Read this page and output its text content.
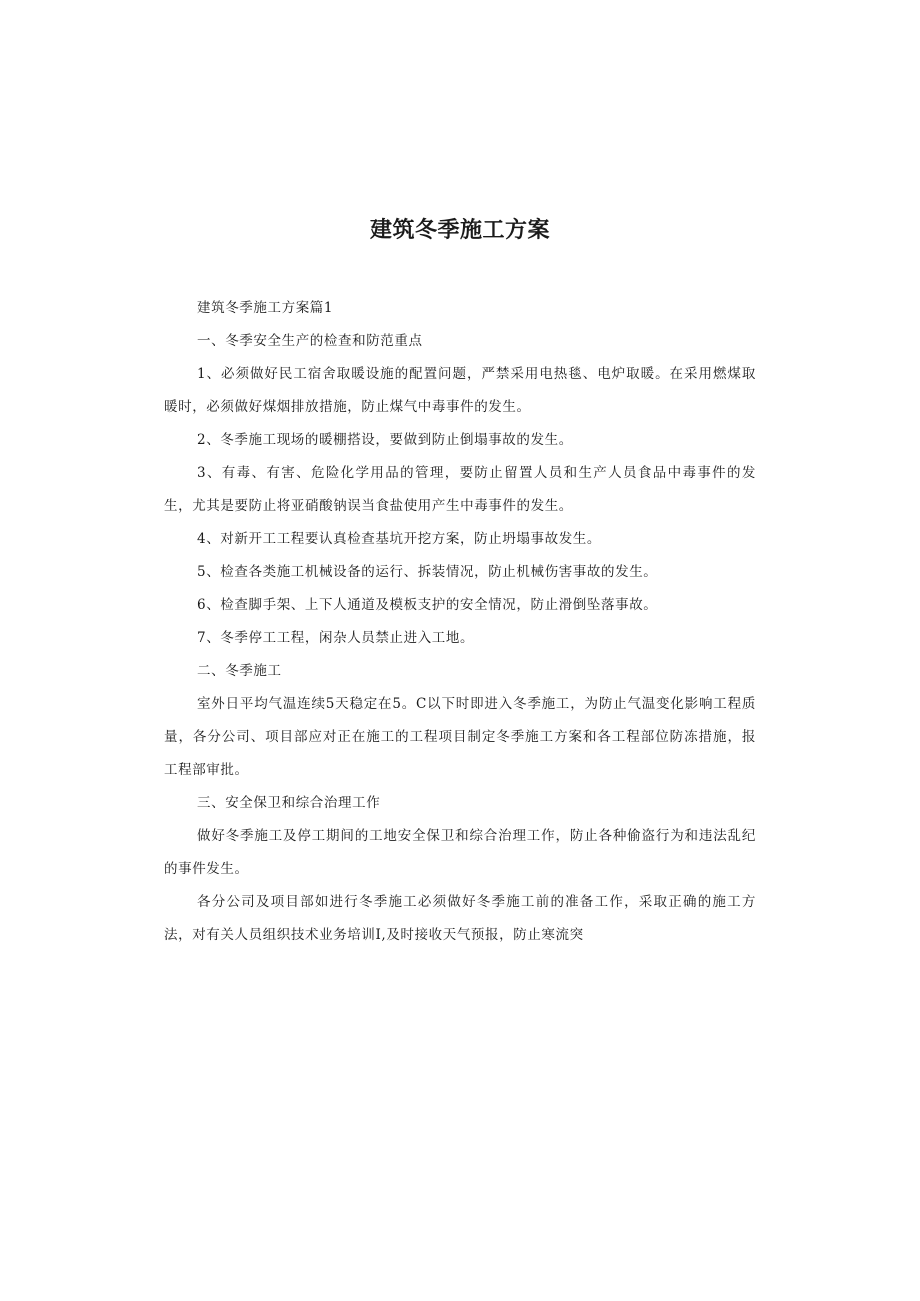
建筑冬季施工方案

建筑冬季施工方案篇1

一、冬季安全生产的检查和防范重点

1、必须做好民工宿舍取暖设施的配置问题，严禁采用电热毯、电炉取暖。在采用燃煤取暖时，必须做好煤烟排放措施，防止煤气中毒事件的发生。

2、冬季施工现场的暖棚搭设，要做到防止倒塌事故的发生。

3、有毒、有害、危险化学用品的管理，要防止留置人员和生产人员食品中毒事件的发生，尤其是要防止将亚硝酸钠误当食盐使用产生中毒事件的发生。

4、对新开工工程要认真检查基坑开挖方案，防止坍塌事故发生。

5、检查各类施工机械设备的运行、拆装情况，防止机械伤害事故的发生。

6、检查脚手架、上下人通道及模板支护的安全情况，防止滑倒坠落事故。

7、冬季停工工程，闲杂人员禁止进入工地。

二、冬季施工

室外日平均气温连续5天稳定在5。C以下时即进入冬季施工，为防止气温变化影响工程质量，各分公司、项目部应对正在施工的工程项目制定冬季施工方案和各工程部位防冻措施，报工程部审批。

三、安全保卫和综合治理工作

做好冬季施工及停工期间的工地安全保卫和综合治理工作，防止各种偷盗行为和违法乱纪的事件发生。

各分公司及项目部如进行冬季施工必须做好冬季施工前的准备工作，采取正确的施工方法，对有关人员组织技术业务培训I,及时接收天气预报，防止寒流突
